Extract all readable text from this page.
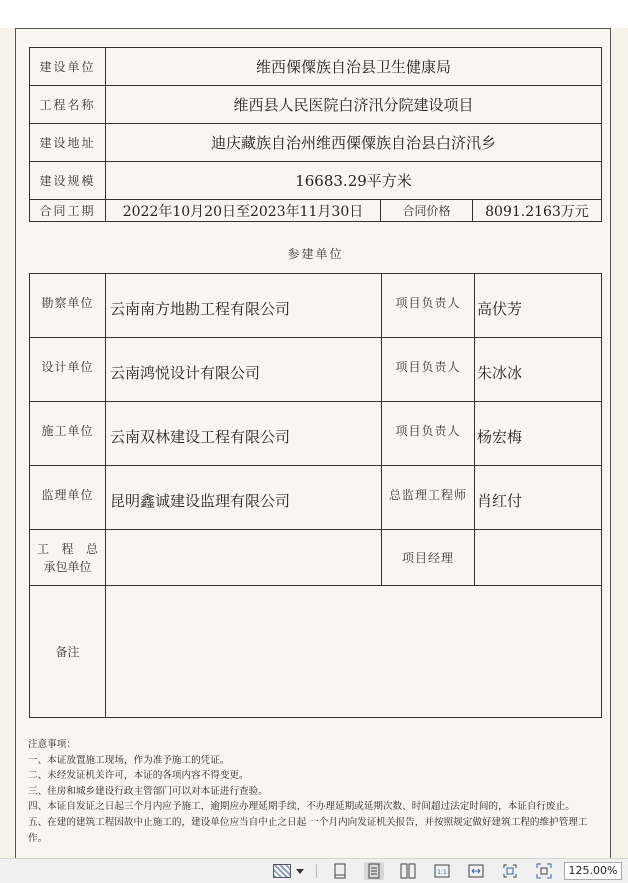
建设单位	维西傈僳族自治县卫生健康局		
工程名称	维西县人民医院白济汛分院建设项目		
建设地址	迪庆藏族自治州维西傈僳族自治县白济汛乡		
建设规模	16683.29平方米		
合同工期	2022年10月20日至2023年11月30日	合同价格	8091.2163万元
参建单位
勘察单位	云南南方地勘工程有限公司	项目负责人	高伏芳
设计单位	云南鸿悦设计有限公司	项目负责人	朱冰冰
施工单位	云南双林建设工程有限公司	项目负责人	杨宏梅
监理单位	昆明鑫诚建设监理有限公司	总监理工程师	肖红付

工 程 总
承包单位		项目经理	
备注			
注意事项：
一、本证放置施工现场，作为准予施工的凭证。
二、未经发证机关许可，本证的各项内容不得变更。
三、住房和城乡建设行政主管部门可以对本证进行查验。
四、本证自发证之日起三个月内应予施工，逾期应办理延期手续，不办理延期或延期次数、时间超过法定时间的，本证自行废止。
五、在建的建筑工程因故中止施工的，建设单位应当自中止之日起 一个月内向发证机关报告，并按照规定做好建筑工程的维护管理工作。
1:1	125.00%
